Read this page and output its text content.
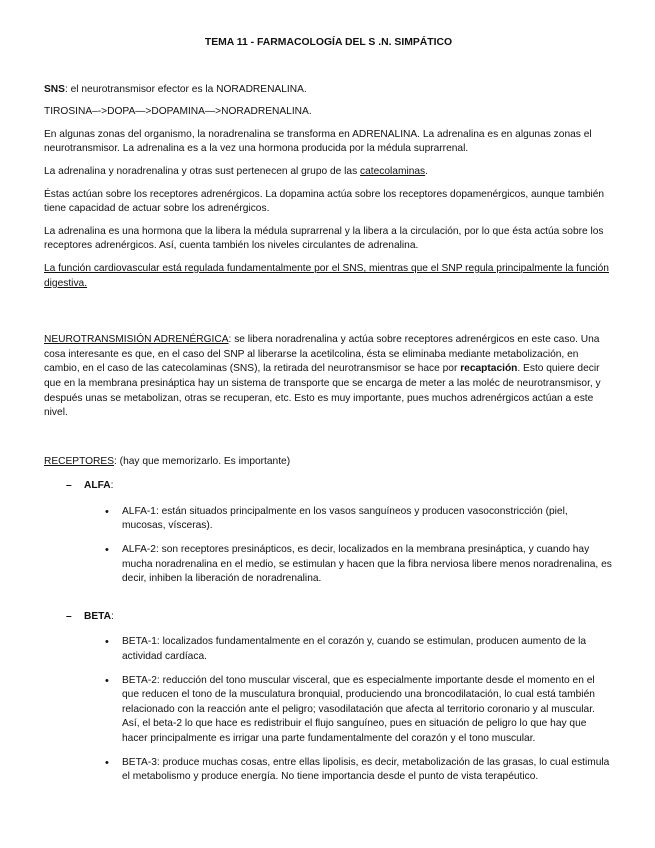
TEMA 11 - FARMACOLOGÍA DEL S .N. SIMPÁTICO

SNS: el neurotransmisor efector es la NORADRENALINA.

TIROSINA–->DOPA—>DOPAMINA—>NORADRENALINA.

En algunas zonas del organismo, la noradrenalina se transforma en ADRENALINA. La adrenalina es en algunas zonas el neurotransmisor. La adrenalina es a la vez una hormona producida por la médula suprarrenal.

La adrenalina y noradrenalina y otras sust pertenecen al grupo de las catecolaminas.

Éstas actúan sobre los receptores adrenérgicos. La dopamina actúa sobre los receptores dopamenérgicos, aunque también tiene capacidad de actuar sobre los adrenérgicos.

La adrenalina es una hormona que la libera la médula suprarrenal y la libera a la circulación, por lo que ésta actúa sobre los receptores adrenérgicos. Así, cuenta también los niveles circulantes de adrenalina.

La función cardiovascular está regulada fundamentalmente por el SNS, mientras que el SNP regula principalmente la función digestiva.

NEUROTRANSMISIÓN ADRENÉRGICA: se libera noradrenalina y actúa sobre receptores adrenérgicos en este caso. Una cosa interesante es que, en el caso del SNP al liberarse la acetilcolina, ésta se eliminaba mediante metabolización, en cambio, en el caso de las catecolaminas (SNS), la retirada del neurotransmisor se hace por recaptación. Esto quiere decir que en la membrana presináptica hay un sistema de transporte que se encarga de meter a las moléc de neurotransmisor, y después unas se metabolizan, otras se recuperan, etc. Esto es muy importante, pues muchos adrenérgicos actúan a este nivel.

RECEPTORES: (hay que memorizarlo. Es importante)

– ALFA:
• ALFA-1: están situados principalmente en los vasos sanguíneos y producen vasoconstricción (piel, mucosas, vísceras).
• ALFA-2: son receptores presinápticos, es decir, localizados en la membrana presináptica, y cuando hay mucha noradrenalina en el medio, se estimulan y hacen que la fibra nerviosa libere menos noradrenalina, es decir, inhiben la liberación de noradrenalina.
– BETA:
• BETA-1: localizados fundamentalmente en el corazón y, cuando se estimulan, producen aumento de la actividad cardíaca.
• BETA-2: reducción del tono muscular visceral, que es especialmente importante desde el momento en el que reducen el tono de la musculatura bronquial, produciendo una broncodilatación, lo cual está también relacionado con la reacción ante el peligro; vasodilatación que afecta al territorio coronario y al muscular. Así, el beta-2 lo que hace es redistribuir el flujo sanguíneo, pues en situación de peligro lo que hay que hacer principalmente es irrigar una parte fundamentalmente del corazón y el tono muscular.
• BETA-3: produce muchas cosas, entre ellas lipolisis, es decir, metabolización de las grasas, lo cual estimula el metabolismo y produce energía. No tiene importancia desde el punto de vista terapéutico.
